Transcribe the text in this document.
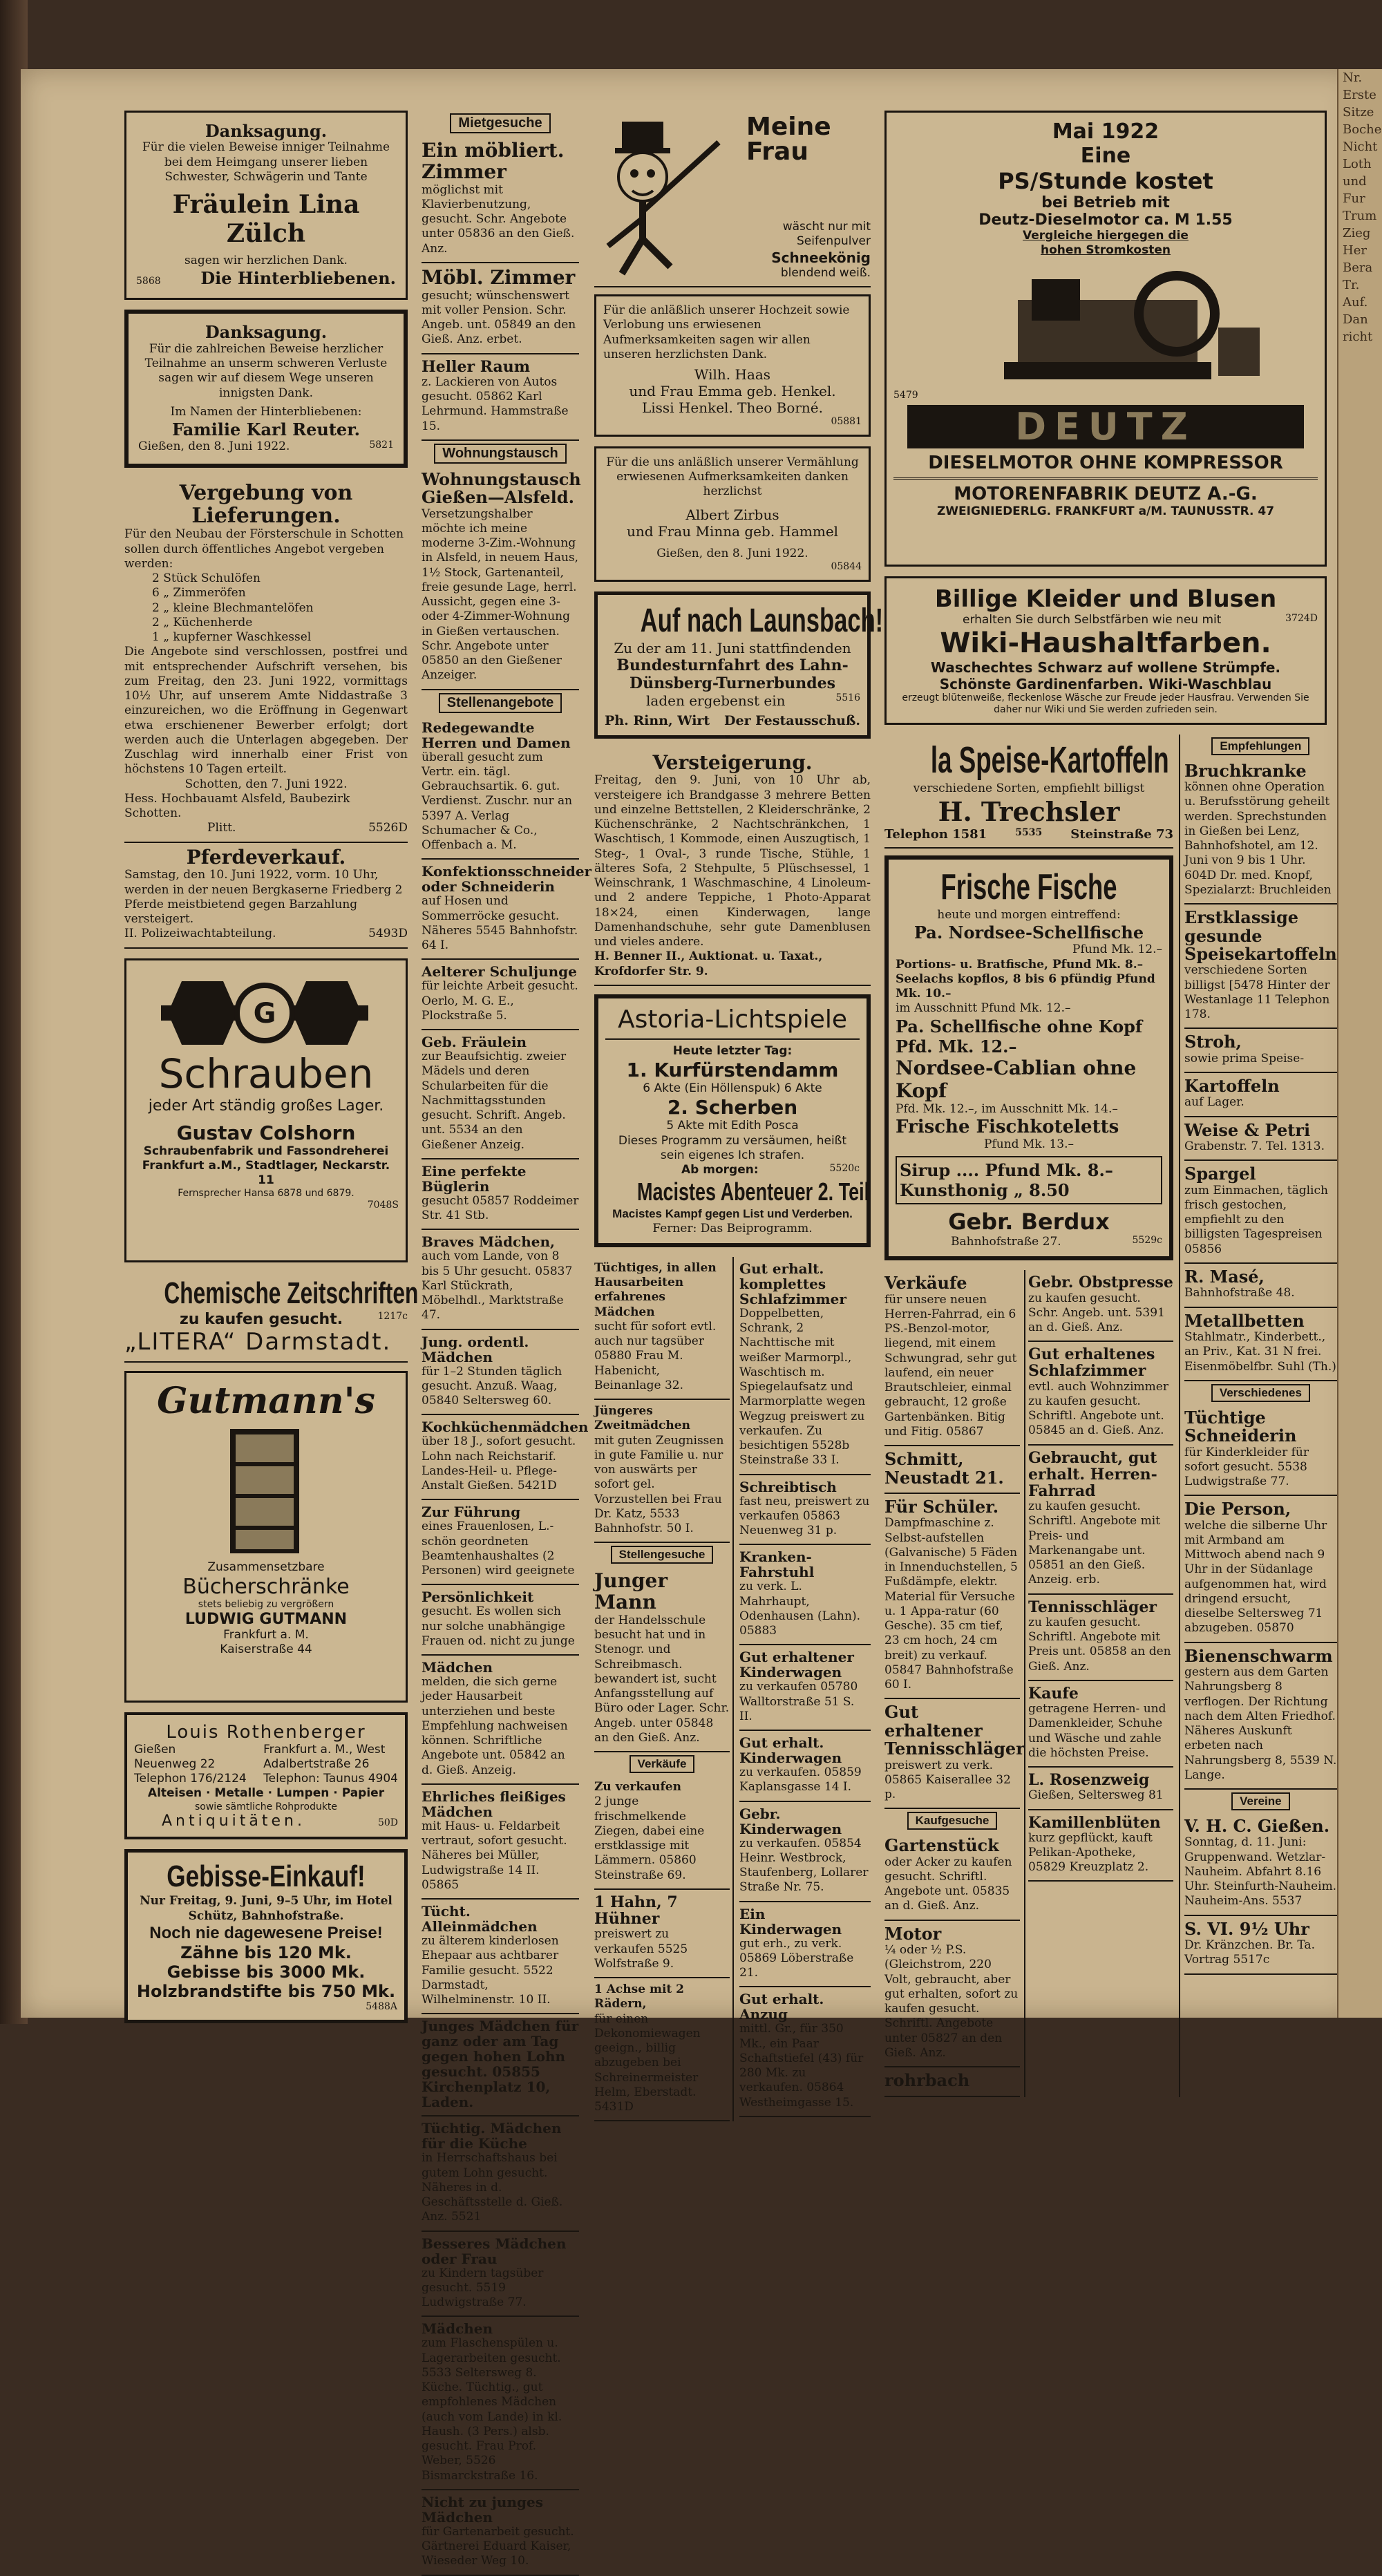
Danksagung.
Für die vielen Beweise inniger Teilnahme bei dem Heimgang unserer lieben Schwester, Schwägerin und Tante
Fräulein Lina Zülch
sagen wir herzlichen Dank.
5868 Die Hinterbliebenen.
Danksagung.
Für die zahlreichen Beweise herzlicher Teilnahme an unserm schweren Verluste sagen wir auf diesem Wege unseren innigsten Dank.
Im Namen der Hinterbliebenen:
Familie Karl Reuter.
Gießen, den 8. Juni 1922.	5821
Vergebung von Lieferungen.
Für den Neubau der Försterschule in Schotten sollen durch öffentliches Angebot vergeben werden:
2 Stück Schulöfen
6 „ Zimmeröfen
2 „ kleine Blechmantelöfen
2 „ Küchenherde
1 „ kupferner Waschkessel
Die Angebote sind verschlossen, postfrei und mit entsprechender Aufschrift versehen, bis zum Freitag, den 23. Juni 1922, vormittags 10½ Uhr, auf unserem Amte Niddastraße 3 einzureichen, wo die Eröffnung in Gegenwart etwa erschienener Bewerber erfolgt; dort werden auch die Unterlagen abgegeben. Der Zuschlag wird innerhalb einer Frist von höchstens 10 Tagen erteilt.
Schotten, den 7. Juni 1922.
Hess. Hochbauamt Alsfeld, Baubezirk Schotten.
Plitt.	5526D
Pferdeverkauf.
Samstag, den 10. Juni 1922, vorm. 10 Uhr, werden in der neuen Bergkaserne Friedberg 2 Pferde meistbietend gegen Barzahlung versteigert.
II. Polizeiwachtabteilung.	5493D
G
Schrauben
jeder Art ständig großes Lager.
Gustav Colshorn
Schraubenfabrik und Fassondreherei
Frankfurt a.M., Stadtlager, Neckarstr. 11
Fernsprecher Hansa 6878 und 6879.
7048S
Chemische Zeitschriften
zu kaufen gesucht.	1217c
„LITERA“ Darmstadt.
Gutmann's
Zusammensetzbare
Bücherschränke
stets beliebig zu vergrößern
LUDWIG GUTMANN
Frankfurt a. M.
Kaiserstraße 44
Louis Rothenberger
Gießen
Neuenweg 22
Telephon 176/2124
Frankfurt a. M., West
Adalbertstraße 26
Telephon: Taunus 4904
Alteisen · Metalle · Lumpen · Papier
sowie sämtliche Rohprodukte
Antiquitäten.	50D
Gebisse-Einkauf!
Nur Freitag, 9. Juni, 9–5 Uhr, im Hotel Schütz, Bahnhofstraße.
Noch nie dagewesene Preise!
Zähne bis 120 Mk.
Gebisse bis 3000 Mk.
Holzbrandstifte bis 750 Mk.
5488A
Mietgesuche
Ein möbliert. Zimmer
möglichst mit Klavierbenutzung, gesucht. Schr. Angebote unter 05836 an den Gieß. Anz.
Möbl. Zimmer
gesucht; wünschenswert mit voller Pension. Schr. Angeb. unt. 05849 an den Gieß. Anz. erbet.
Heller Raum
z. Lackieren von Autos gesucht. 05862 Karl Lehrmund. Hammstraße 15.
Wohnungstausch
Wohnungstausch Gießen—Alsfeld.
Versetzungshalber möchte ich meine moderne 3-Zim.-Wohnung in Alsfeld, in neuem Haus, 1½ Stock, Gartenanteil, freie gesunde Lage, herrl. Aussicht, gegen eine 3- oder 4-Zimmer-Wohnung in Gießen vertauschen. Schr. Angebote unter 05850 an den Gießener Anzeiger.
Stellenangebote
Redegewandte Herren und Damen
überall gesucht zum Vertr. ein. tägl. Gebrauchsartik. 6. gut. Verdienst. Zuschr. nur an 5397 A. Verlag Schumacher & Co., Offenbach a. M.
Konfektionsschneider oder Schneiderin
auf Hosen und Sommerröcke gesucht. Näheres 5545 Bahnhofstr. 64 I.
Aelterer Schuljunge
für leichte Arbeit gesucht. Oerlo, M. G. E., Plockstraße 5.
Geb. Fräulein
zur Beaufsichtig. zweier Mädels und deren Schularbeiten für die Nachmittagsstunden gesucht. Schrift. Angeb. unt. 5534 an den Gießener Anzeig.
Eine perfekte Büglerin
gesucht 05857 Roddeimer Str. 41 Stb.
Braves Mädchen,
auch vom Lande, von 8 bis 5 Uhr gesucht. 05837 Karl Stückrath, Möbelhdl., Marktstraße 47.
Jung. ordentl. Mädchen
für 1–2 Stunden täglich gesucht. Anzuß. Waag, 05840 Seltersweg 60.
Kochküchenmädchen
über 18 J., sofort gesucht. Lohn nach Reichstarif. Landes-Heil- u. Pflege-Anstalt Gießen. 5421D
Zur Führung
eines Frauenlosen, L.-schön geordneten Beamtenhaushaltes (2 Personen) wird geeignete
Persönlichkeit
gesucht. Es wollen sich nur solche unabhängige Frauen od. nicht zu junge
Mädchen
melden, die sich gerne jeder Hausarbeit unterziehen und beste Empfehlung nachweisen können. Schriftliche Angebote unt. 05842 an d. Gieß. Anzeig.
Ehrliches fleißiges Mädchen
mit Haus- u. Feldarbeit vertraut, sofort gesucht. Näheres bei Müller, Ludwigstraße 14 II. 05865
Tücht. Alleinmädchen
zu älterem kinderlosen Ehepaar aus achtbarer Familie gesucht. 5522 Darmstadt, Wilhelminenstr. 10 II.
Junges Mädchen für ganz oder am Tag gegen hohen Lohn gesucht. 05855 Kirchenplatz 10, Laden.
Tüchtig. Mädchen für die Küche
in Herrschaftshaus bei gutem Lohn gesucht. Näheres in d. Geschäftsstelle d. Gieß. Anz. 5521
Besseres Mädchen oder Frau
zu Kindern tagsüber gesucht. 5519 Ludwigstraße 77.
Mädchen
zum Flaschenspülen u. Lagerarbeiten gesucht. 5533 Seltersweg 8. Küche. Tüchtig., gut empfohlenes Mädchen (auch vom Lande) in kl. Haush. (3 Pers.) alsb. gesucht. Frau Prof. Weber, 5526 Bismarckstraße 16.
Nicht zu junges Mädchen
für Gartenarbeit gesucht. Gärtnerei Eduard Kaiser, Wieseder Weg 10.
Meine Frau
wäscht nur mit Seifenpulver
Schneekönig
blendend weiß.
Für die anläßlich unserer Hochzeit sowie Verlobung uns erwiesenen Aufmerksamkeiten sagen wir allen unseren herzlichsten Dank.
Wilh. Haas
und Frau Emma geb. Henkel.
Lissi Henkel. Theo Borné.
05881
Für die uns anläßlich unserer Vermählung erwiesenen Aufmerksamkeiten danken herzlichst
Albert Zirbus
und Frau Minna geb. Hammel
Gießen, den 8. Juni 1922.
05844
Auf nach Launsbach!
Zu der am 11. Juni stattfindenden
Bundesturnfahrt des Lahn-Dünsberg-Turnerbundes
laden ergebenst ein	5516
Ph. Rinn, Wirt Der Festausschuß.
Versteigerung.
Freitag, den 9. Juni, von 10 Uhr ab, versteigere ich Brandgasse 3 mehrere Betten und einzelne Bettstellen, 2 Kleiderschränke, 2 Küchenschränke, 2 Nachtschränkchen, 1 Waschtisch, 1 Kommode, einen Auszugtisch, 1 Steg-, 1 Oval-, 3 runde Tische, Stühle, 1 älteres Sofa, 2 Stehpulte, 5 Plüschsessel, 1 Weinschrank, 1 Waschmaschine, 4 Linoleum- und 2 andere Teppiche, 1 Photo-Apparat 18×24, einen Kinderwagen, lange Damenhandschuhe, sehr gute Damenblusen und vieles andere.
H. Benner II., Auktionat. u. Taxat., Krofdorfer Str. 9.
Astoria-Lichtspiele
Heute letzter Tag:
1. Kurfürstendamm
6 Akte (Ein Höllenspuk) 6 Akte
2. Scherben
5 Akte mit Edith Posca
Dieses Programm zu versäumen, heißt sein eigenes Ich strafen.
Ab morgen:	5520c
Macistes Abenteuer 2. Teil
Macistes Kampf gegen List und Verderben.
Ferner: Das Beiprogramm.
Tüchtiges, in allen Hausarbeiten erfahrenes Mädchen
sucht für sofort evtl. auch nur tagsüber 05880 Frau M. Habenicht, Beinanlage 32.
Jüngeres Zweitmädchen
mit guten Zeugnissen in gute Familie u. nur von auswärts per sofort gel. Vorzustellen bei Frau Dr. Katz, 5533 Bahnhofstr. 50 I.
Stellengesuche
Junger Mann
der Handelsschule besucht hat und in Stenogr. und Schreibmasch. bewandert ist, sucht Anfangsstellung auf Büro oder Lager. Schr. Angeb. unter 05848 an den Gieß. Anz.
Verkäufe
Zu verkaufen
2 junge frischmelkende Ziegen, dabei eine erstklassige mit Lämmern. 05860 Steinstraße 69.
1 Hahn, 7 Hühner
preiswert zu verkaufen 5525 Wolfstraße 9.
1 Achse mit 2 Rädern,
für einen Dekonomiewagen geeign., billig abzugeben bei Schreinermeister Helm, Eberstadt. 5431D
Gut erhalt. komplettes Schlafzimmer
Doppelbetten, Schrank, 2 Nachttische mit weißer Marmorpl., Waschtisch m. Spiegelaufsatz und Marmorplatte wegen Wegzug preiswert zu verkaufen. Zu besichtigen 5528b Steinstraße 33 I.
Schreibtisch
fast neu, preiswert zu verkaufen 05863 Neuenweg 31 p.
Kranken-Fahrstuhl
zu verk. L. Mahrhaupt, Odenhausen (Lahn). 05883
Gut erhaltener Kinderwagen
zu verkaufen 05780 Walltorstraße 51 S. II.
Gut erhalt. Kinderwagen
zu verkaufen. 05859 Kaplansgasse 14 I.
Gebr. Kinderwagen
zu verkaufen. 05854 Heinr. Westbrock, Staufenberg, Lollarer Straße Nr. 75.
Ein Kinderwagen
gut erh., zu verk. 05869 Löberstraße 21.
Gut erhalt. Anzug
mittl. Gr., für 350 Mk., ein Paar Schaftstiefel (43) für 280 Mk. zu verkaufen. 05864 Westheimgasse 15.
Mai 1922
Eine
PS/Stunde kostet
bei Betrieb mit
Deutz-Dieselmotor ca. M 1.55
Vergleiche hiergegen die
hohen Stromkosten
5479
DEUTZ
DIESELMOTOR OHNE KOMPRESSOR
MOTORENFABRIK DEUTZ A.-G.
ZWEIGNIEDERLG. FRANKFURT a/M. TAUNUSSTR. 47
Billige Kleider und Blusen
erhalten Sie durch Selbstfärben wie neu mit	3724D
Wiki-Haushaltfarben.
Waschechtes Schwarz auf wollene Strümpfe.
Schönste Gardinenfarben. Wiki-Waschblau
erzeugt blütenweiße, fleckenlose Wäsche zur Freude jeder Hausfrau. Verwenden Sie daher nur Wiki und Sie werden zufrieden sein.
la Speise-Kartoffeln
verschiedene Sorten, empfiehlt billigst
H. Trechsler
Telephon 1581	5535 Steinstraße 73
Frische Fische
heute und morgen eintreffend:
Pa. Nordsee-Schellfische
Pfund Mk. 12.–
Portions- u. Bratfische, Pfund Mk. 8.–
Seelachs kopflos, 8 bis 6 pfündig Pfund Mk. 10.–
im Ausschnitt Pfund Mk. 12.–
Pa. Schellfische ohne Kopf Pfd. Mk. 12.–
Nordsee-Cablian ohne Kopf
Pfd. Mk. 12.–, im Ausschnitt Mk. 14.–
Frische Fischkoteletts
Pfund Mk. 13.–
Sirup .... Pfund Mk. 8.–
Kunsthonig „ 8.50
Gebr. Berdux
Bahnhofstraße 27.	5529c
Verkäufe
für unsere neuen Herren-Fahrrad, ein 6 PS.-Benzol-motor, liegend, mit einem Schwungrad, sehr gut laufend, ein neuer Brautschleier, einmal gebraucht, 12 große Gartenbänken. Bitig und Fitig. 05867
Schmitt, Neustadt 21.
Für Schüler.
Dampfmaschine z. Selbst-aufstellen (Galvanische) 5 Fäden in Innenduchstellen, 5 Fußdämpfe, elektr. Material für Versuche u. 1 Appa-ratur (60 Gesche). 35 cm tief, 23 cm hoch, 24 cm breit) zu verkauf. 05847 Bahnhofstraße 60 I.
Gut erhaltener Tennisschläger
preiswert zu verk. 05865 Kaiserallee 32 p.
Kaufgesuche
Gartenstück
oder Acker zu kaufen gesucht. Schriftl. Angebote unt. 05835 an d. Gieß. Anz.
Motor
¼ oder ½ P.S. (Gleichstrom, 220 Volt, gebraucht, aber gut erhalten, sofort zu kaufen gesucht. Schriftl. Angebote unter 05827 an den Gieß. Anz.
rohrbach
Gebr. Obstpresse
zu kaufen gesucht. Schr. Angeb. unt. 5391 an d. Gieß. Anz.
Gut erhaltenes Schlafzimmer
evtl. auch Wohnzimmer zu kaufen gesucht. Schriftl. Angebote unt. 05845 an d. Gieß. Anz.
Gebraucht, gut erhalt. Herren-Fahrrad
zu kaufen gesucht. Schriftl. Angebote mit Preis- und Markenangabe unt. 05851 an den Gieß. Anzeig. erb.
Tennisschläger
zu kaufen gesucht. Schriftl. Angebote mit Preis unt. 05858 an den Gieß. Anz.
Kaufe
getragene Herren- und Damenkleider, Schuhe und Wäsche und zahle die höchsten Preise.
L. Rosenzweig
Gießen, Seltersweg 81
Kamillenblüten
kurz gepflückt, kauft Pelikan-Apotheke, 05829 Kreuzplatz 2.
Empfehlungen
Bruchkranke
können ohne Operation u. Berufsstörung geheilt werden. Sprechstunden in Gießen bei Lenz, Bahnhofshotel, am 12. Juni von 9 bis 1 Uhr. 604D Dr. med. Knopf, Spezialarzt: Bruchleiden
Erstklassige gesunde Speisekartoffeln
verschiedene Sorten billigst [5478 Hinter der Westanlage 11 Telephon 178.
Stroh,
sowie prima Speise-
Kartoffeln
auf Lager.
Weise & Petri
Grabenstr. 7. Tel. 1313.
Spargel
zum Einmachen, täglich frisch gestochen, empfiehlt zu den billigsten Tagespreisen 05856
R. Masé,
Bahnhofstraße 48.
Metallbetten
Stahlmatr., Kinderbett., an Priv., Kat. 31 N frei. Eisenmöbelfbr. Suhl (Th.)
Verschiedenes
Tüchtige Schneiderin
für Kinderkleider für sofort gesucht. 5538 Ludwigstraße 77.
Die Person,
welche die silberne Uhr mit Armband am Mittwoch abend nach 9 Uhr in der Südanlage aufgenommen hat, wird dringend ersucht, dieselbe Seltersweg 71 abzugeben. 05870
Bienenschwarm
gestern aus dem Garten Nahrungsberg 8 verflogen. Der Richtung nach dem Alten Friedhof. Näheres Auskunft erbeten nach Nahrungsberg 8, 5539 N. Lange.
Vereine
V. H. C. Gießen.
Sonntag, d. 11. Juni: Gruppenwand. Wetzlar-Nauheim. Abfahrt 8.16 Uhr. Steinfurth-Nauheim. Nauheim-Ans. 5537
S. VI. 9½ Uhr
Dr. Kränzchen. Br. Ta. Vortrag 5517c
Nr.
Erste
Sitze
Boche
Nicht
Loth
und
Fur
Trum
Zieg
Her
Bera
Tr.
Auf.
Dan
richt
